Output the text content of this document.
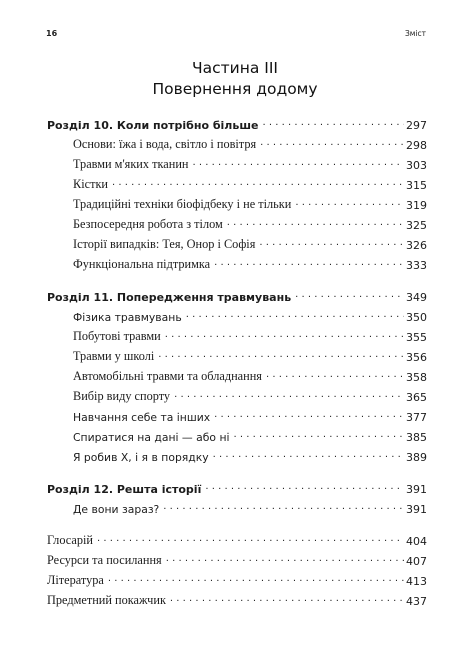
16	Зміст
Частина III
Повернення додому
Розділ 10. Коли потрібно більше .....	297
Основи: їжа і вода, світло і повітря .....	298
Травми м'яких тканин .....	303
Кістки .....	315
Традиційні техніки біофідбеку і не тільки .....	319
Безпосередня робота з тілом .....	325
Історії випадків: Тея, Онор і Софія .....	326
Функціональна підтримка .....	333
Розділ 11. Попередження травмувань .....	349
Фізика травмувань .....	350
Побутові травми .....	355
Травми у школі .....	356
Автомобільні травми та обладнання .....	358
Вибір виду спорту .....	365
Навчання себе та інших .....	377
Спиратися на дані — або ні .....	385
Я робив Х, і я в порядку .....	389
Розділ 12. Решта історії .....	391
Де вони зараз? .....	391
Глосарій .....	404
Ресурси та посилання .....	407
Література .....	413
Предметний покажчик .....	437
